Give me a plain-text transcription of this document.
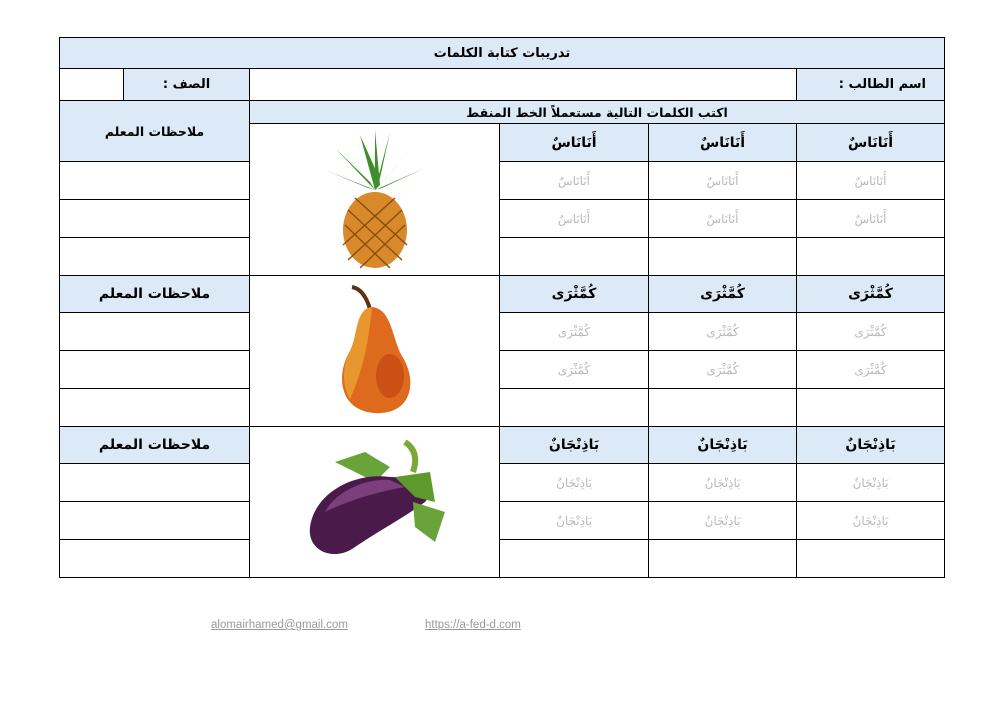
تدريبات كتابة الكلمات					
اسم الطالب :				الصف :	

اكتب الكلمات التالية مستعملاً الخط المنقط				ملاحظات المعلم	
أَنَانَاسٌ	أَنَانَاسٌ	أَنَانَاسٌ	

أَنَانَاسٌ	أَنَانَاسٌ	أَنَانَاسٌ			
أَنَانَاسٌ	أَنَانَاسٌ	أَنَانَاسٌ			

كُمَّثْرَى	كُمَّثْرَى	كُمَّثْرَى		ملاحظات المعلم	
كُمَّثْرَى	كُمَّثْرَى	كُمَّثْرَى			
كُمَّثْرَى	كُمَّثْرَى	كُمَّثْرَى			

بَاذِنْجَانٌ	بَاذِنْجَانٌ	بَاذِنْجَانٌ		ملاحظات المعلم	
بَاذِنْجَانٌ	بَاذِنْجَانٌ	بَاذِنْجَانٌ			
بَاذِنْجَانٌ	بَاذِنْجَانٌ	بَاذِنْجَانٌ			

alomairhamed@gmail.com	https://a-fed-d.com
